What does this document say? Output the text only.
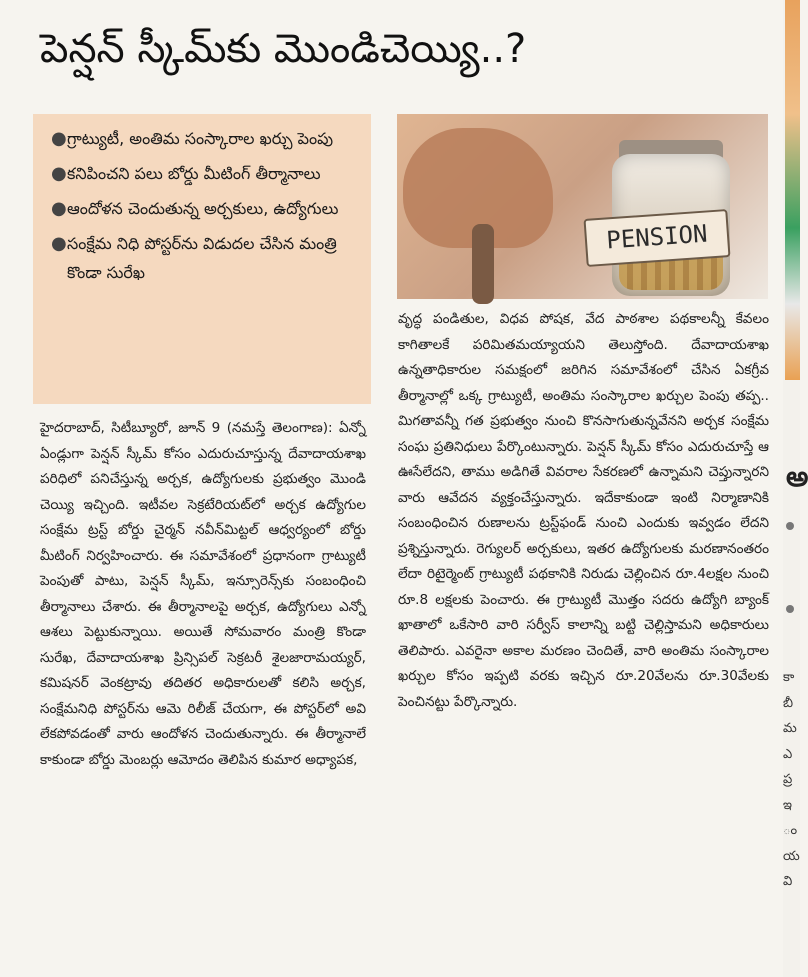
పెన్షన్ స్కీమ్‌కు మొండిచెయ్యి..?
● గ్రాట్యుటీ, అంతిమ సంస్కారాల ఖర్చు పెంపు
● కనిపించని పలు బోర్డు మీటింగ్ తీర్మానాలు
● ఆందోళన చెందుతున్న అర్చకులు, ఉద్యోగులు
● సంక్షేమ నిధి పోస్టర్‌ను విడుదల చేసిన మంత్రి కొండా సురేఖ
PENSION

హైదరాబాద్, సిటీబ్యూరో, జూన్ 9 (నమస్తే తెలంగాణ): ఏన్నో ఏండ్లుగా పెన్షన్ స్కీమ్ కోసం ఎదురుచూస్తున్న దేవాదాయశాఖ పరిధిలో పనిచేస్తున్న అర్చక, ఉద్యోగులకు ప్రభుత్వం మొండి చెయ్యి ఇచ్చింది. ఇటీవల సెక్రటేరియట్‌లో అర్చక ఉద్యోగుల సంక్షేమ ట్రస్ట్ బోర్డు చైర్మన్ నవీన్‌మిట్టల్ ఆధ్వర్యంలో బోర్డు మీటింగ్ నిర్వహించారు. ఈ సమావేశంలో ప్రధానంగా గ్రాట్యుటీ పెంపుతో పాటు, పెన్షన్ స్కీమ్, ఇన్సూరెన్స్‌కు సంబంధించి తీర్మానాలు చేశారు. ఈ తీర్మానాలపై అర్చక, ఉద్యోగులు ఎన్నో ఆశలు పెట్టుకున్నాయి. అయితే సోమవారం మంత్రి కొండా సురేఖ, దేవాదాయశాఖ ప్రిన్సిపల్ సెక్రటరీ శైలజారామయ్యర్, కమిషనర్ వెంకట్రావు తదితర అధికారులతో కలిసి అర్చక, సంక్షేమనిధి పోస్టర్‌ను ఆమె రిలీజ్ చేయగా, ఈ పోస్టర్‌లో అవి లేకపోవడంతో వారు ఆందోళన చెందుతున్నారు. ఈ తీర్మానాలే కాకుండా బోర్డు మెంబర్లు ఆమోదం తెలిపిన కుమార అధ్యాపక,

వృద్ధ పండితుల, విధవ పోషక, వేద పాఠశాల పథకాలన్నీ కేవలం కాగితాలకే పరిమితమయ్యాయని తెలుస్తోంది. దేవాదాయశాఖ ఉన్నతాధికారుల సమక్షంలో జరిగిన సమావేశంలో చేసిన ఏకగ్రీవ తీర్మానాల్లో ఒక్క గ్రాట్యుటీ, అంతిమ సంస్కారాల ఖర్చుల పెంపు తప్ప.. మిగతావన్నీ గత ప్రభుత్వం నుంచి కొనసాగుతున్నవేనని అర్చక సంక్షేమ సంఘ ప్రతినిధులు పేర్కొంటున్నారు. పెన్షన్ స్కీమ్ కోసం ఎదురుచూస్తే ఆ ఊసేలేదని, తాము అడిగితే వివరాల సేకరణలో ఉన్నామని చెప్తున్నారని వారు ఆవేదన వ్యక్తంచేస్తున్నారు. ఇదేకాకుండా ఇంటి నిర్మాణానికి సంబంధించిన రుణాలను ట్రస్ట్‌ఫండ్ నుంచి ఎందుకు ఇవ్వడం లేదని ప్రశ్నిస్తున్నారు. రెగ్యులర్ అర్చకులు, ఇతర ఉద్యోగులకు మరణానంతరం లేదా రిటైర్మెంట్ గ్రాట్యుటీ పథకానికి నిరుడు చెల్లించిన రూ.4లక్షల నుంచి రూ.8 లక్షలకు పెంచారు. ఈ గ్రాట్యుటీ మొత్తం సదరు ఉద్యోగి బ్యాంక్ ఖాతాలో ఒకేసారి వారి సర్వీస్ కాలాన్ని బట్టి చెల్లిస్తామని అధికారులు తెలిపారు. ఎవరైనా అకాల మరణం చెందితే, వారి అంతిమ సంస్కారాల ఖర్చుల కోసం ఇప్పటి వరకు ఇచ్చిన రూ.20వేలను రూ.30వేలకు పెంచినట్టు పేర్కొన్నారు.

అ
కా
బీ
మ
ఎ
ప్ర
ఇ
ం
య
వి
